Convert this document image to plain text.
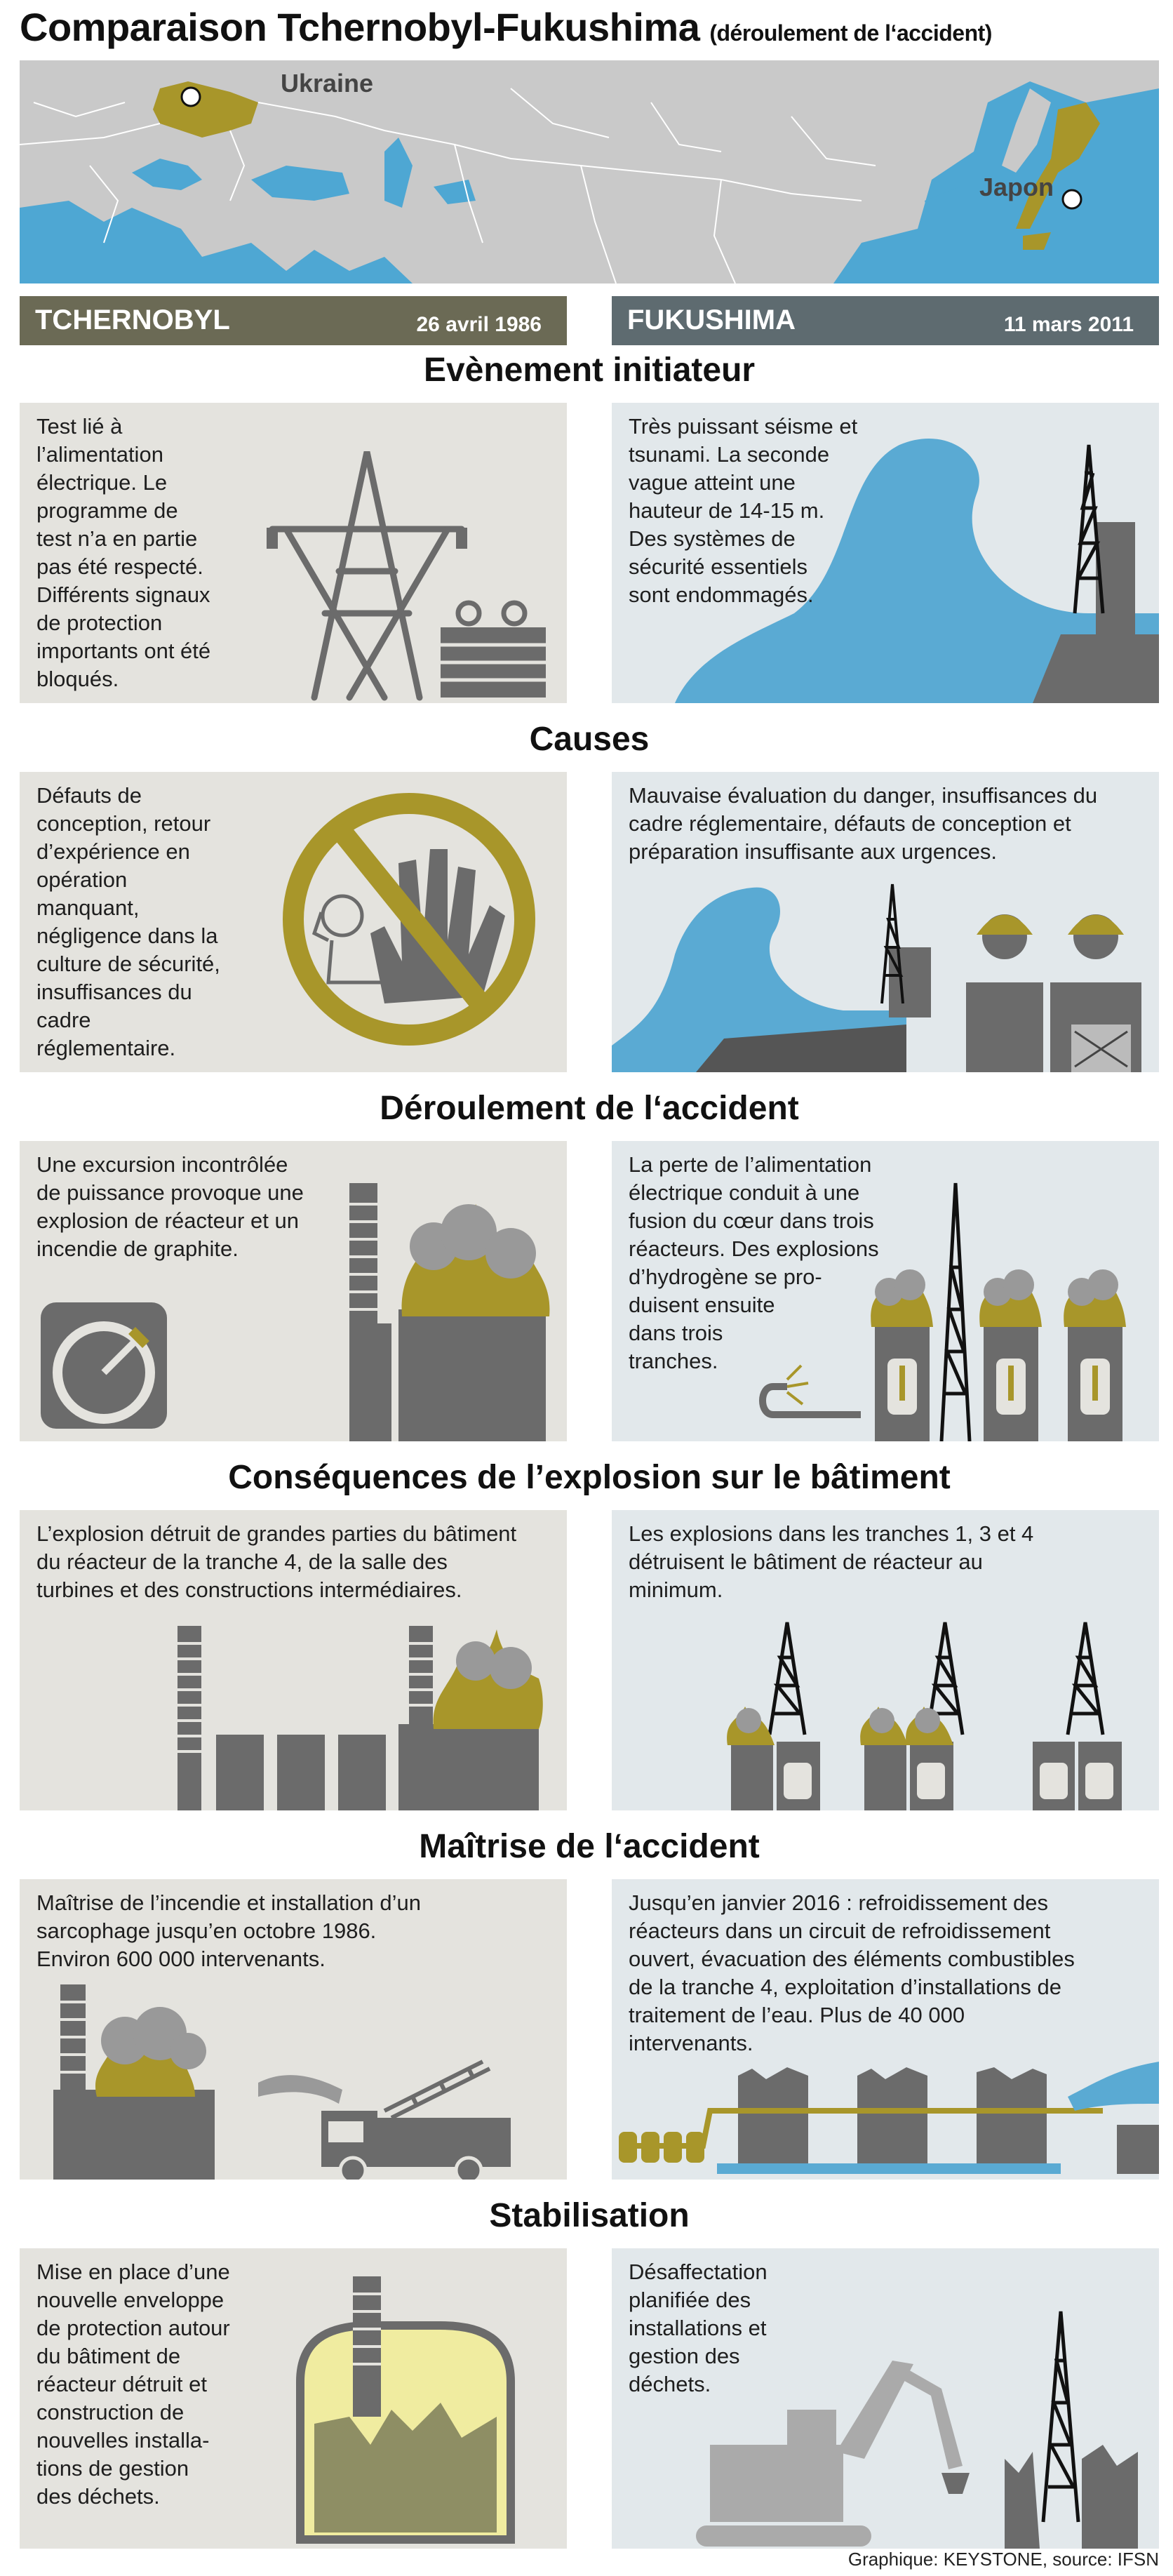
Comparaison Tchernobyl-Fukushima (déroulement de l‘accident)
Ukraine
Japon
TCHERNOBYL	26 avril 1986	FUKUSHIMA	11 mars 2011
Evènement initiateur
Test lié à
l’alimentation
électrique. Le
programme de
test n’a en partie
pas été respecté.
Différents signaux
de protection
importants ont été
bloqués.
Très puissant séisme et
tsunami. La seconde
vague atteint une
hauteur de 14-15 m.
Des systèmes de
sécurité essentiels
sont endommagés.
Causes
Défauts de
conception, retour
d’expérience en
opération
manquant,
négligence dans la
culture de sécurité,
insuffisances du
cadre
réglementaire.
Mauvaise évaluation du danger, insuffisances du
cadre réglementaire, défauts de conception et
préparation insuffisante aux urgences.
Déroulement de l‘accident
Une excursion incontrôlée
de puissance provoque une
explosion de réacteur et un
incendie de graphite.
La perte de l’alimentation
électrique conduit à une
fusion du cœur dans trois
réacteurs. Des explosions
d’hydrogène se pro-
duisent ensuite
dans trois
tranches.
Conséquences de l’explosion sur le bâtiment
L’explosion détruit de grandes parties du bâtiment
du réacteur de la tranche 4, de la salle des
turbines et des constructions intermédiaires.
Les explosions dans les tranches 1, 3 et 4
détruisent le bâtiment de réacteur au
minimum.
Maîtrise de l‘accident
Maîtrise de l’incendie et installation d’un
sarcophage jusqu’en octobre 1986.
Environ 600 000 intervenants.
Jusqu’en janvier 2016 : refroidissement des
réacteurs dans un circuit de refroidissement
ouvert, évacuation des éléments combustibles
de la tranche 4, exploitation d’installations de
traitement de l’eau. Plus de 40 000
intervenants.
Stabilisation
Mise en place d’une
nouvelle enveloppe
de protection autour
du bâtiment de
réacteur détruit et
construction de
nouvelles installa-
tions de gestion
des déchets.
Désaffectation
planifiée des
installations et
gestion des
déchets.
Graphique: KEYSTONE, source: IFSN
